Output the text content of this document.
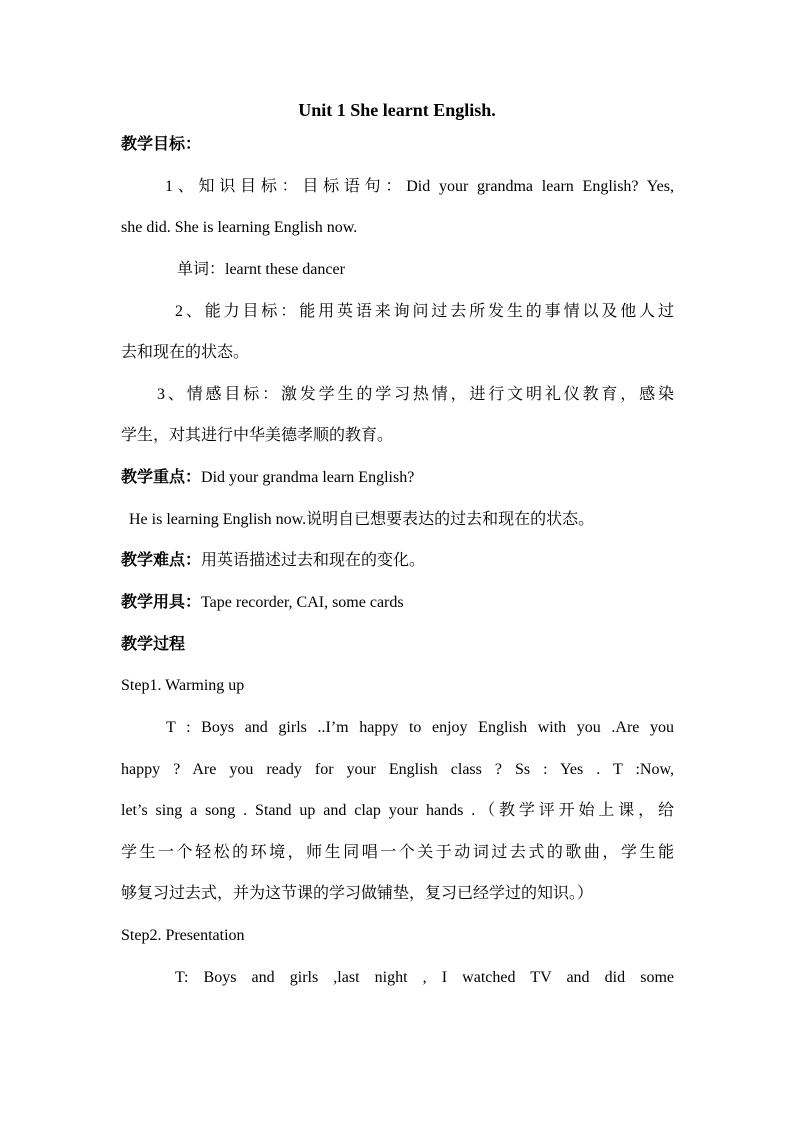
Unit 1 She learnt English.
教学目标：
1、知识目标：目标语句：Did your grandma learn English? Yes,
she did. She is learning English now.
单词：learnt these dancer
2、能力目标：能用英语来询问过去所发生的事情以及他人过
去和现在的状态。
3、情感目标：激发学生的学习热情，进行文明礼仪教育，感染
学生，对其进行中华美德孝顺的教育。
教学重点：Did your grandma learn English?
He is learning English now.说明自已想要表达的过去和现在的状态。
教学难点：用英语描述过去和现在的变化。
教学用具：Tape recorder, CAI, some cards
教学过程
Step1. Warming up
T : Boys and girls ..I’m happy to enjoy English with you .Are you
happy ? Are you ready for your English class ? Ss : Yes . T :Now,
let’s sing a song . Stand up and clap your hands .（教学评开始上课，给
学生一个轻松的环境，师生同唱一个关于动词过去式的歌曲，学生能
够复习过去式，并为这节课的学习做铺垫，复习已经学过的知识。）
Step2. Presentation
T: Boys and girls ,last night , I watched TV and did some
